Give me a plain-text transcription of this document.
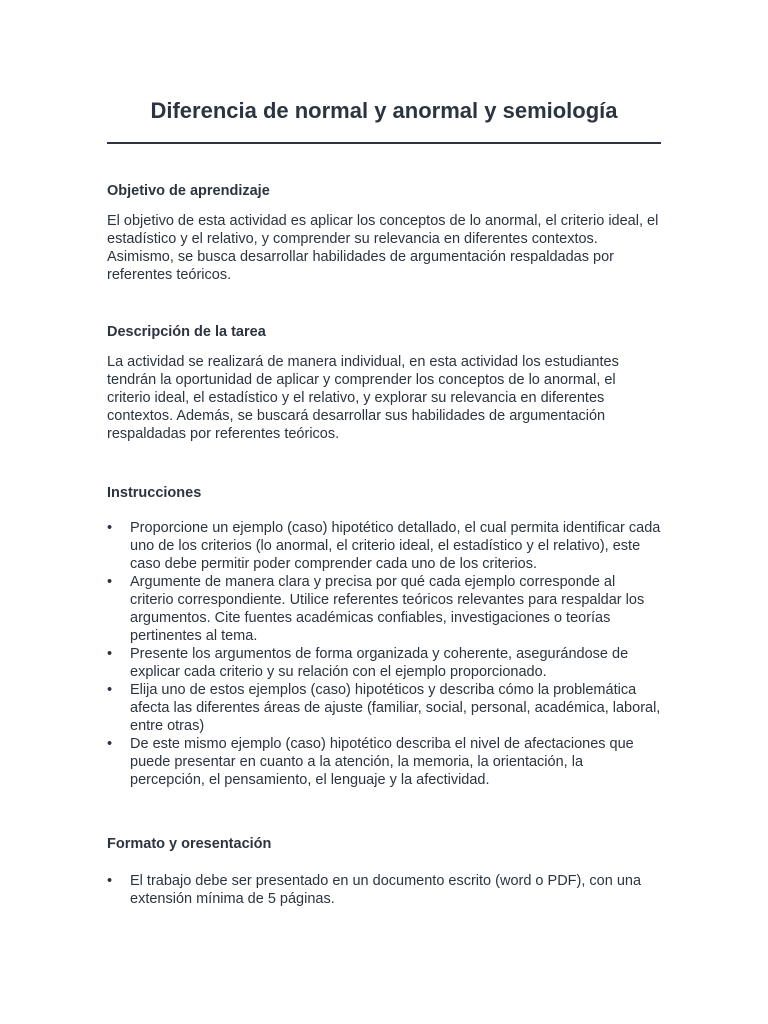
Diferencia de normal y anormal y semiología
Objetivo de aprendizaje

El objetivo de esta actividad es aplicar los conceptos de lo anormal, el criterio ideal, el estadístico y el relativo, y comprender su relevancia en diferentes contextos. Asimismo, se busca desarrollar habilidades de argumentación respaldadas por referentes teóricos.

Descripción de la tarea

La actividad se realizará de manera individual, en esta actividad los estudiantes tendrán la oportunidad de aplicar y comprender los conceptos de lo anormal, el criterio ideal, el estadístico y el relativo, y explorar su relevancia en diferentes contextos. Además, se buscará desarrollar sus habilidades de argumentación respaldadas por referentes teóricos.

Instrucciones
•	Proporcione un ejemplo (caso) hipotético detallado, el cual permita identificar cada uno de los criterios (lo anormal, el criterio ideal, el estadístico y el relativo), este caso debe permitir poder comprender cada uno de los criterios.
•	Argumente de manera clara y precisa por qué cada ejemplo corresponde al criterio correspondiente. Utilice referentes teóricos relevantes para respaldar los argumentos. Cite fuentes académicas confiables, investigaciones o teorías pertinentes al tema.
•	Presente los argumentos de forma organizada y coherente, asegurándose de explicar cada criterio y su relación con el ejemplo proporcionado.
•	Elija uno de estos ejemplos (caso) hipotéticos y describa cómo la problemática afecta las diferentes áreas de ajuste (familiar, social, personal, académica, laboral, entre otras)
•	De este mismo ejemplo (caso) hipotético describa el nivel de afectaciones que puede presentar en cuanto a la atención, la memoria, la orientación, la percepción, el pensamiento, el lenguaje y la afectividad.
Formato y oresentación
•	El trabajo debe ser presentado en un documento escrito (word o PDF), con una extensión mínima de 5 páginas.
